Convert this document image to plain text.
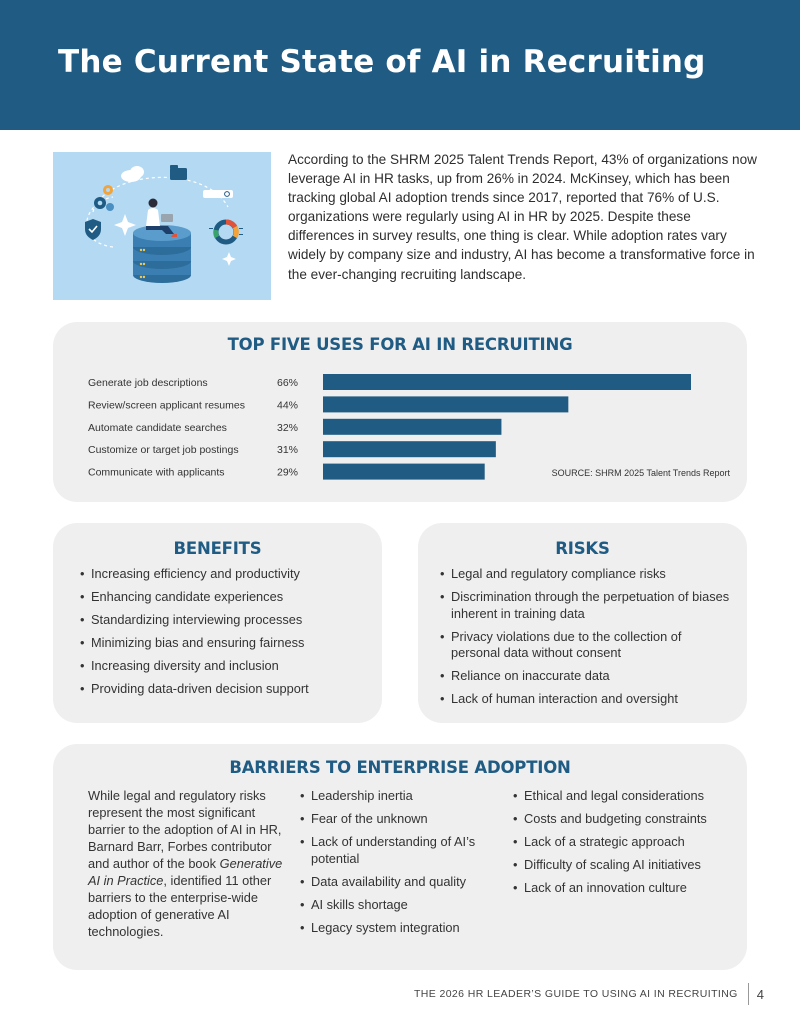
The Current State of AI in Recruiting

According to the SHRM 2025 Talent Trends Report, 43% of organizations now leverage AI in HR tasks, up from 26% in 2024. McKinsey, which has been tracking global AI adoption trends since 2017, reported that 76% of U.S. organizations were regularly using AI in HR by 2025. Despite these differences in survey results, one thing is clear. While adoption rates vary widely by company size and industry, AI has become a transformative force in the ever-changing recruiting landscape.

TOP FIVE USES FOR AI IN RECRUITING
Generate job descriptions	66%
Review/screen applicant resumes	44%
Automate candidate searches	32%
Customize or target job postings	31%
Communicate with applicants	29%	SOURCE: SHRM 2025 Talent Trends Report
BENEFITS
• Increasing efficiency and productivity
• Enhancing candidate experiences
• Standardizing interviewing processes
• Minimizing bias and ensuring fairness
• Increasing diversity and inclusion
• Providing data-driven decision support
RISKS
• Legal and regulatory compliance risks
• Discrimination through the perpetuation of biases inherent in training data
• Privacy violations due to the collection of personal data without consent
• Reliance on inaccurate data
• Lack of human interaction and oversight
BARRIERS TO ENTERPRISE ADOPTION

While legal and regulatory risks represent the most significant barrier to the adoption of AI in HR, Barnard Barr, Forbes contributor and author of the book Generative AI in Practice, identified 11 other barriers to the enterprise-wide adoption of generative AI technologies.

• Leadership inertia
• Fear of the unknown
• Lack of understanding of AI’s potential
• Data availability and quality
• AI skills shortage
• Legacy system integration
• Ethical and legal considerations
• Costs and budgeting constraints
• Lack of a strategic approach
• Difficulty of scaling AI initiatives
• Lack of an innovation culture
THE 2026 HR LEADER’S GUIDE TO USING AI IN RECRUITING 4
